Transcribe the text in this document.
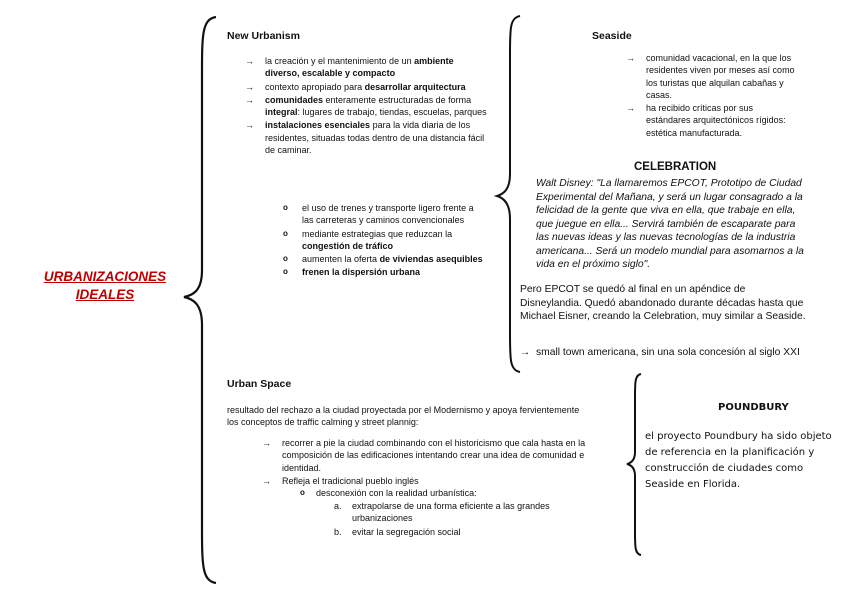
URBANIZACIONES IDEALES
New Urbanism
→ la creación y el mantenimiento de un ambiente diverso, escalable y compacto
→ contexto apropiado para desarrollar arquitectura
→ comunidades enteramente estructuradas de forma integral: lugares de trabajo, tiendas, escuelas, parques
→ instalaciones esenciales para la vida diaria de los residentes, situadas todas dentro de una distancia fácil de caminar.
o el uso de trenes y transporte ligero frente a las carreteras y caminos convencionales
o mediante estrategias que reduzcan la congestión de tráfico
o aumenten la oferta de viviendas asequibles
o frenen la dispersión urbana
Seaside
→ comunidad vacacional, en la que los residentes viven por meses así como los turistas que alquilan cabañas y casas.
→ ha recibido críticas por sus estándares arquitectónicos rígidos: estética manufacturada.
CELEBRATION
Walt Disney: "La llamaremos EPCOT, Prototipo de Ciudad Experimental del Mañana, y será un lugar consagrado a la felicidad de la gente que viva en ella, que trabaje en ella, que juegue en ella... Servirá también de escaparate para las nuevas ideas y las nuevas tecnologías de la industria americana... Será un modelo mundial para asomarnos a la vida en el próximo siglo".
Pero EPCOT se quedó al final en un apéndice de Disneylandia. Quedó abandonado durante décadas hasta que Michael Eisner, creando la Celebration, muy similar a Seaside.
→ small town americana, sin una sola concesión al siglo XXI
Urban Space
resultado del rechazo a la ciudad proyectada por el Modernismo y apoya fervientemente los conceptos de traffic calming y street plannig:
→ recorrer a pie la ciudad combinando con el historicismo que cala hasta en la composición de las edificaciones intentando crear una idea de comunidad e identidad.
→ Refleja el tradicional pueblo inglés
o desconexión con la realidad urbanística:
a. extrapolarse de una forma eficiente a las grandes urbanizaciones
b. evitar la segregación social
POUNDBURY
el proyecto Poundbury ha sido objeto de referencia en la planificación y construcción de ciudades como Seaside en Florida.
